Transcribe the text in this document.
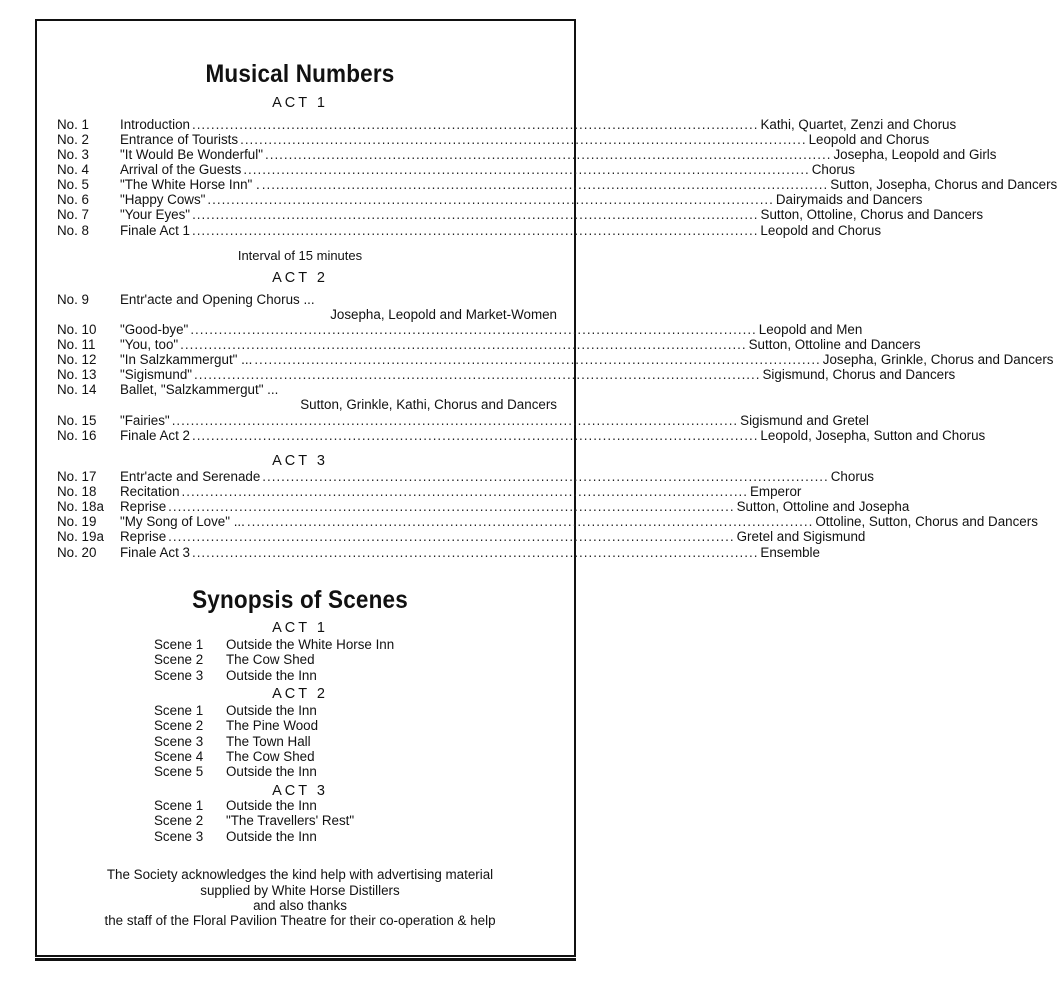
Musical Numbers
ACT 1
No. 1	Introduction ........................................................................................................................ Kathi, Quartet, Zenzi and Chorus
No. 2	Entrance of Tourists ........................................................................................................................ Leopold and Chorus
No. 3	"It Would Be Wonderful" ........................................................................................................................ Josepha, Leopold and Girls
No. 4	Arrival of the Guests ........................................................................................................................ Chorus
No. 5	"The White Horse Inn" . ........................................................................................................................ Sutton, Josepha, Chorus and Dancers
No. 6	"Happy Cows" ........................................................................................................................ Dairymaids and Dancers
No. 7	"Your Eyes" ........................................................................................................................ Sutton, Ottoline, Chorus and Dancers
No. 8	Finale Act 1 ........................................................................................................................ Leopold and Chorus
Interval of 15 minutes
ACT 2
No. 9	Entr'acte and Opening Chorus ...
Josepha, Leopold and Market-Women
No. 10	"Good-bye" ........................................................................................................................ Leopold and Men
No. 11	"You, too" ........................................................................................................................ Sutton, Ottoline and Dancers
No. 12	"In Salzkammergut" ... ........................................................................................................................ Josepha, Grinkle, Chorus and Dancers
No. 13	"Sigismund" ........................................................................................................................ Sigismund, Chorus and Dancers
No. 14	Ballet, "Salzkammergut" ...
Sutton, Grinkle, Kathi, Chorus and Dancers
No. 15	"Fairies" ........................................................................................................................ Sigismund and Gretel
No. 16	Finale Act 2 ........................................................................................................................ Leopold, Josepha, Sutton and Chorus
ACT 3
No. 17	Entr'acte and Serenade ........................................................................................................................ Chorus
No. 18	Recitation ........................................................................................................................ Emperor
No. 18a	Reprise ........................................................................................................................ Sutton, Ottoline and Josepha
No. 19	"My Song of Love" ... ........................................................................................................................ Ottoline, Sutton, Chorus and Dancers
No. 19a	Reprise ........................................................................................................................ Gretel and Sigismund
No. 20	Finale Act 3 ........................................................................................................................ Ensemble
Synopsis of Scenes
ACT 1
Scene 1 Outside the White Horse Inn
Scene 2 The Cow Shed
Scene 3 Outside the Inn
ACT 2
Scene 1 Outside the Inn
Scene 2 The Pine Wood
Scene 3 The Town Hall
Scene 4 The Cow Shed
Scene 5 Outside the Inn
ACT 3
Scene 1 Outside the Inn
Scene 2 "The Travellers' Rest"
Scene 3 Outside the Inn
The Society acknowledges the kind help with advertising material
supplied by White Horse Distillers
and also thanks
the staff of the Floral Pavilion Theatre for their co-operation & help
